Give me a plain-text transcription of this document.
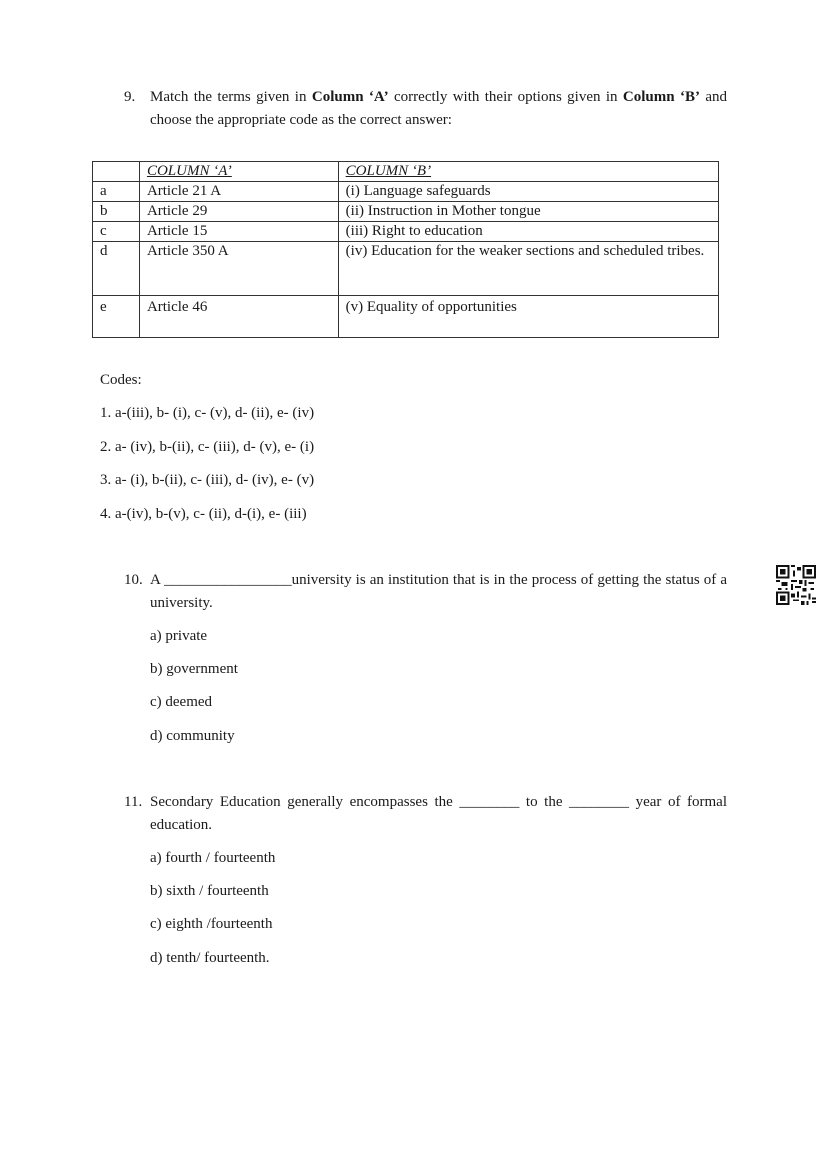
9. Match the terms given in Column ‘A’ correctly with their options given in Column ‘B’ and choose the appropriate code as the correct answer:
	COLUMN ‘A’	COLUMN ‘B’
a	Article 21 A	(i) Language safeguards
b	Article 29	(ii) Instruction in Mother tongue
c	Article 15	(iii) Right to education
d	Article 350 A	(iv) Education for the weaker sections and scheduled tribes.
e	Article 46	(v) Equality of opportunities
Codes:
1. a-(iii), b- (i), c- (v), d- (ii), e- (iv)
2. a- (iv), b-(ii), c- (iii), d- (v), e- (i)
3. a- (i), b-(ii), c- (iii), d- (iv), e- (v)
4. a-(iv), b-(v), c- (ii), d-(i), e- (iii)
10. A _________________university is an institution that is in the process of getting the status of a university.
a) private
b) government
c) deemed
d) community
11. Secondary Education generally encompasses the ________ to the ________ year of formal education.
a) fourth / fourteenth
b) sixth / fourteenth
c) eighth /fourteenth
d) tenth/ fourteenth.
